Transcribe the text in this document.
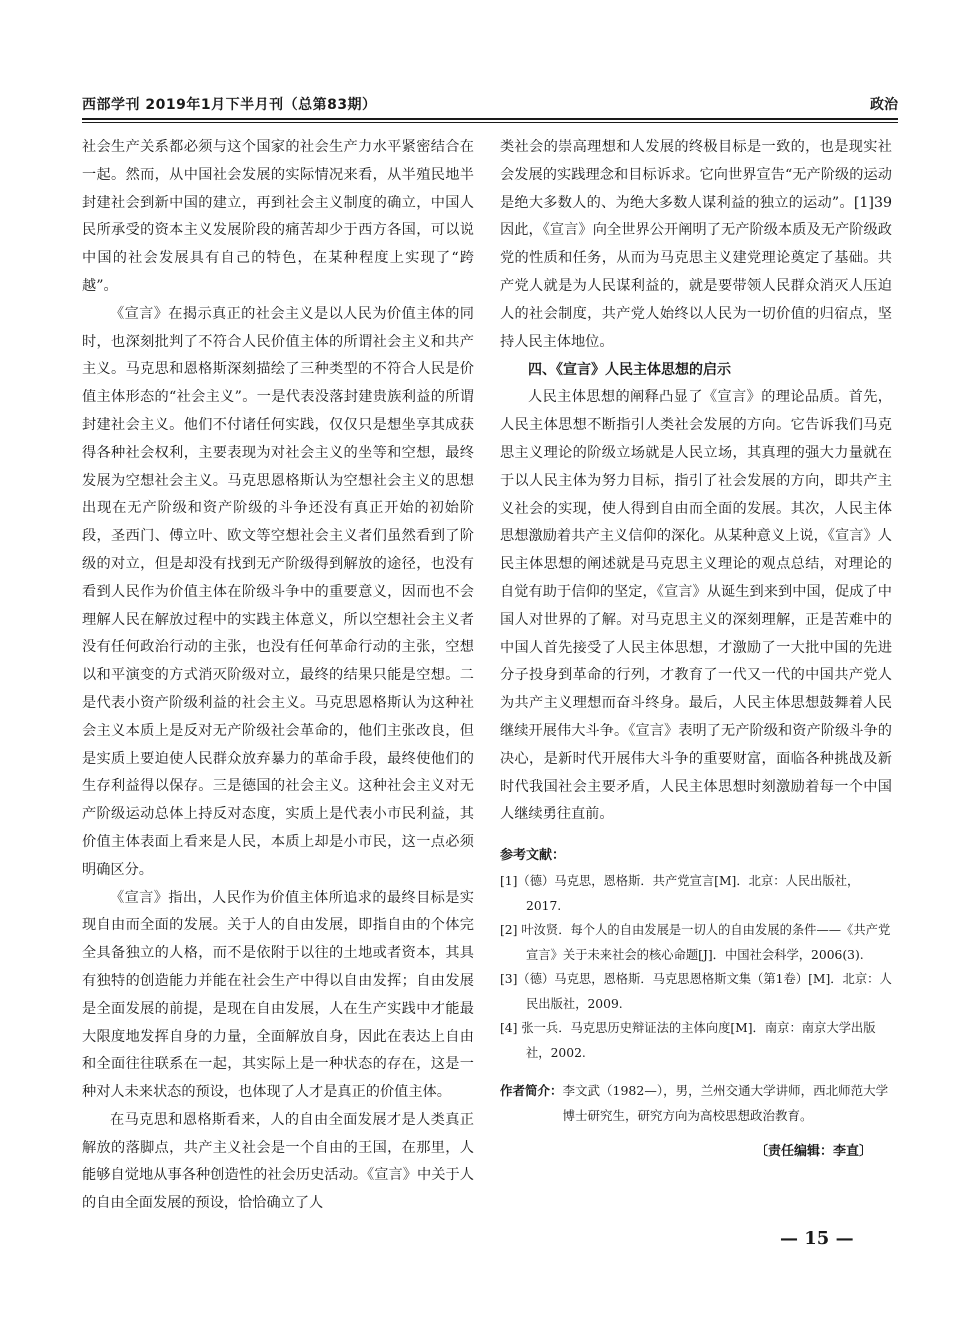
西部学刊 2019年1月下半月刊（总第83期）	政治

社会生产关系都必须与这个国家的社会生产力水平紧密结合在一起。然而，从中国社会发展的实际情况来看，从半殖民地半封建社会到新中国的建立，再到社会主义制度的确立，中国人民所承受的资本主义发展阶段的痛苦却少于西方各国，可以说中国的社会发展具有自己的特色，在某种程度上实现了“跨越”。

《宣言》在揭示真正的社会主义是以人民为价值主体的同时，也深刻批判了不符合人民价值主体的所谓社会主义和共产主义。马克思和恩格斯深刻描绘了三种类型的不符合人民是价值主体形态的“社会主义”。一是代表没落封建贵族利益的所谓封建社会主义。他们不付诸任何实践，仅仅只是想坐享其成获得各种社会权利，主要表现为对社会主义的坐等和空想，最终发展为空想社会主义。马克思恩格斯认为空想社会主义的思想出现在无产阶级和资产阶级的斗争还没有真正开始的初始阶段，圣西门、傅立叶、欧文等空想社会主义者们虽然看到了阶级的对立，但是却没有找到无产阶级得到解放的途径，也没有看到人民作为价值主体在阶级斗争中的重要意义，因而也不会理解人民在解放过程中的实践主体意义，所以空想社会主义者没有任何政治行动的主张，也没有任何革命行动的主张，空想以和平演变的方式消灭阶级对立，最终的结果只能是空想。二是代表小资产阶级利益的社会主义。马克思恩格斯认为这种社会主义本质上是反对无产阶级社会革命的，他们主张改良，但是实质上要迫使人民群众放弃暴力的革命手段，最终使他们的生存利益得以保存。三是德国的社会主义。这种社会主义对无产阶级运动总体上持反对态度，实质上是代表小市民利益，其价值主体表面上看来是人民，本质上却是小市民，这一点必须明确区分。

《宣言》指出，人民作为价值主体所追求的最终目标是实现自由而全面的发展。关于人的自由发展，即指自由的个体完全具备独立的人格，而不是依附于以往的土地或者资本，其具有独特的创造能力并能在社会生产中得以自由发挥；自由发展是全面发展的前提，是现在自由发展，人在生产实践中才能最大限度地发挥自身的力量，全面解放自身，因此在表达上自由和全面往往联系在一起，其实际上是一种状态的存在，这是一种对人未来状态的预设，也体现了人才是真正的价值主体。

在马克思和恩格斯看来，人的自由全面发展才是人类真正解放的落脚点，共产主义社会是一个自由的王国，在那里，人能够自觉地从事各种创造性的社会历史活动。《宣言》中关于人的自由全面发展的预设，恰恰确立了人

类社会的崇高理想和人发展的终极目标是一致的，也是现实社会发展的实践理念和目标诉求。它向世界宣告“无产阶级的运动是绝大多数人的、为绝大多数人谋利益的独立的运动”。[1]39 因此，《宣言》向全世界公开阐明了无产阶级本质及无产阶级政党的性质和任务，从而为马克思主义建党理论奠定了基础。共产党人就是为人民谋利益的，就是要带领人民群众消灭人压迫人的社会制度，共产党人始终以人民为一切价值的归宿点，坚持人民主体地位。

四、《宣言》人民主体思想的启示

人民主体思想的阐释凸显了《宣言》的理论品质。首先，人民主体思想不断指引人类社会发展的方向。它告诉我们马克思主义理论的阶级立场就是人民立场，其真理的强大力量就在于以人民主体为努力目标，指引了社会发展的方向，即共产主义社会的实现，使人得到自由而全面的发展。其次，人民主体思想激励着共产主义信仰的深化。从某种意义上说，《宣言》人民主体思想的阐述就是马克思主义理论的观点总结，对理论的自觉有助于信仰的坚定，《宣言》从诞生到来到中国，促成了中国人对世界的了解。对马克思主义的深刻理解，正是苦难中的中国人首先接受了人民主体思想，才激励了一大批中国的先进分子投身到革命的行列，才教育了一代又一代的中国共产党人为共产主义理想而奋斗终身。最后，人民主体思想鼓舞着人民继续开展伟大斗争。《宣言》表明了无产阶级和资产阶级斗争的决心，是新时代开展伟大斗争的重要财富，面临各种挑战及新时代我国社会主要矛盾，人民主体思想时刻激励着每一个中国人继续勇往直前。

参考文献：
[1]（德）马克思，恩格斯．共产党宣言[M]．北京：人民出版社，2017.
[2] 叶汝贤．每个人的自由发展是一切人的自由发展的条件——《共产党宣言》关于未来社会的核心命题[J]．中国社会科学，2006(3).
[3]（德）马克思，恩格斯．马克思恩格斯文集（第1卷）[M]．北京：人民出版社，2009.
[4] 张一兵．马克思历史辩证法的主体向度[M]．南京：南京大学出版社，2002.
作者简介： 李文武（1982—），男，兰州交通大学讲师，西北师范大学博士研究生，研究方向为高校思想政治教育。
〔责任编辑：李直〕
— 15 —
